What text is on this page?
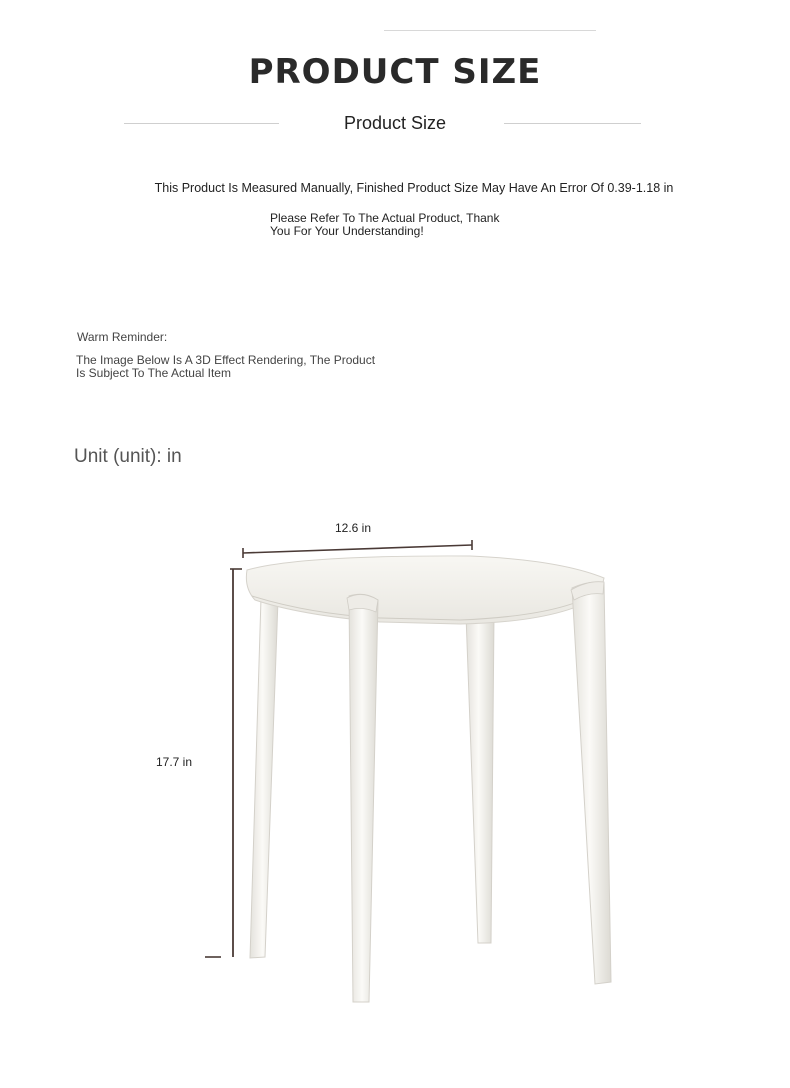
PRODUCT SIZE
Product Size
This Product Is Measured Manually, Finished Product Size May Have An Error Of 0.39-1.18 in
Please Refer To The Actual Product, Thank
You For Your Understanding!
Warm Reminder:
The Image Below Is A 3D Effect Rendering, The Product
Is Subject To The Actual Item
Unit (unit): in
12.6 in
17.7 in
